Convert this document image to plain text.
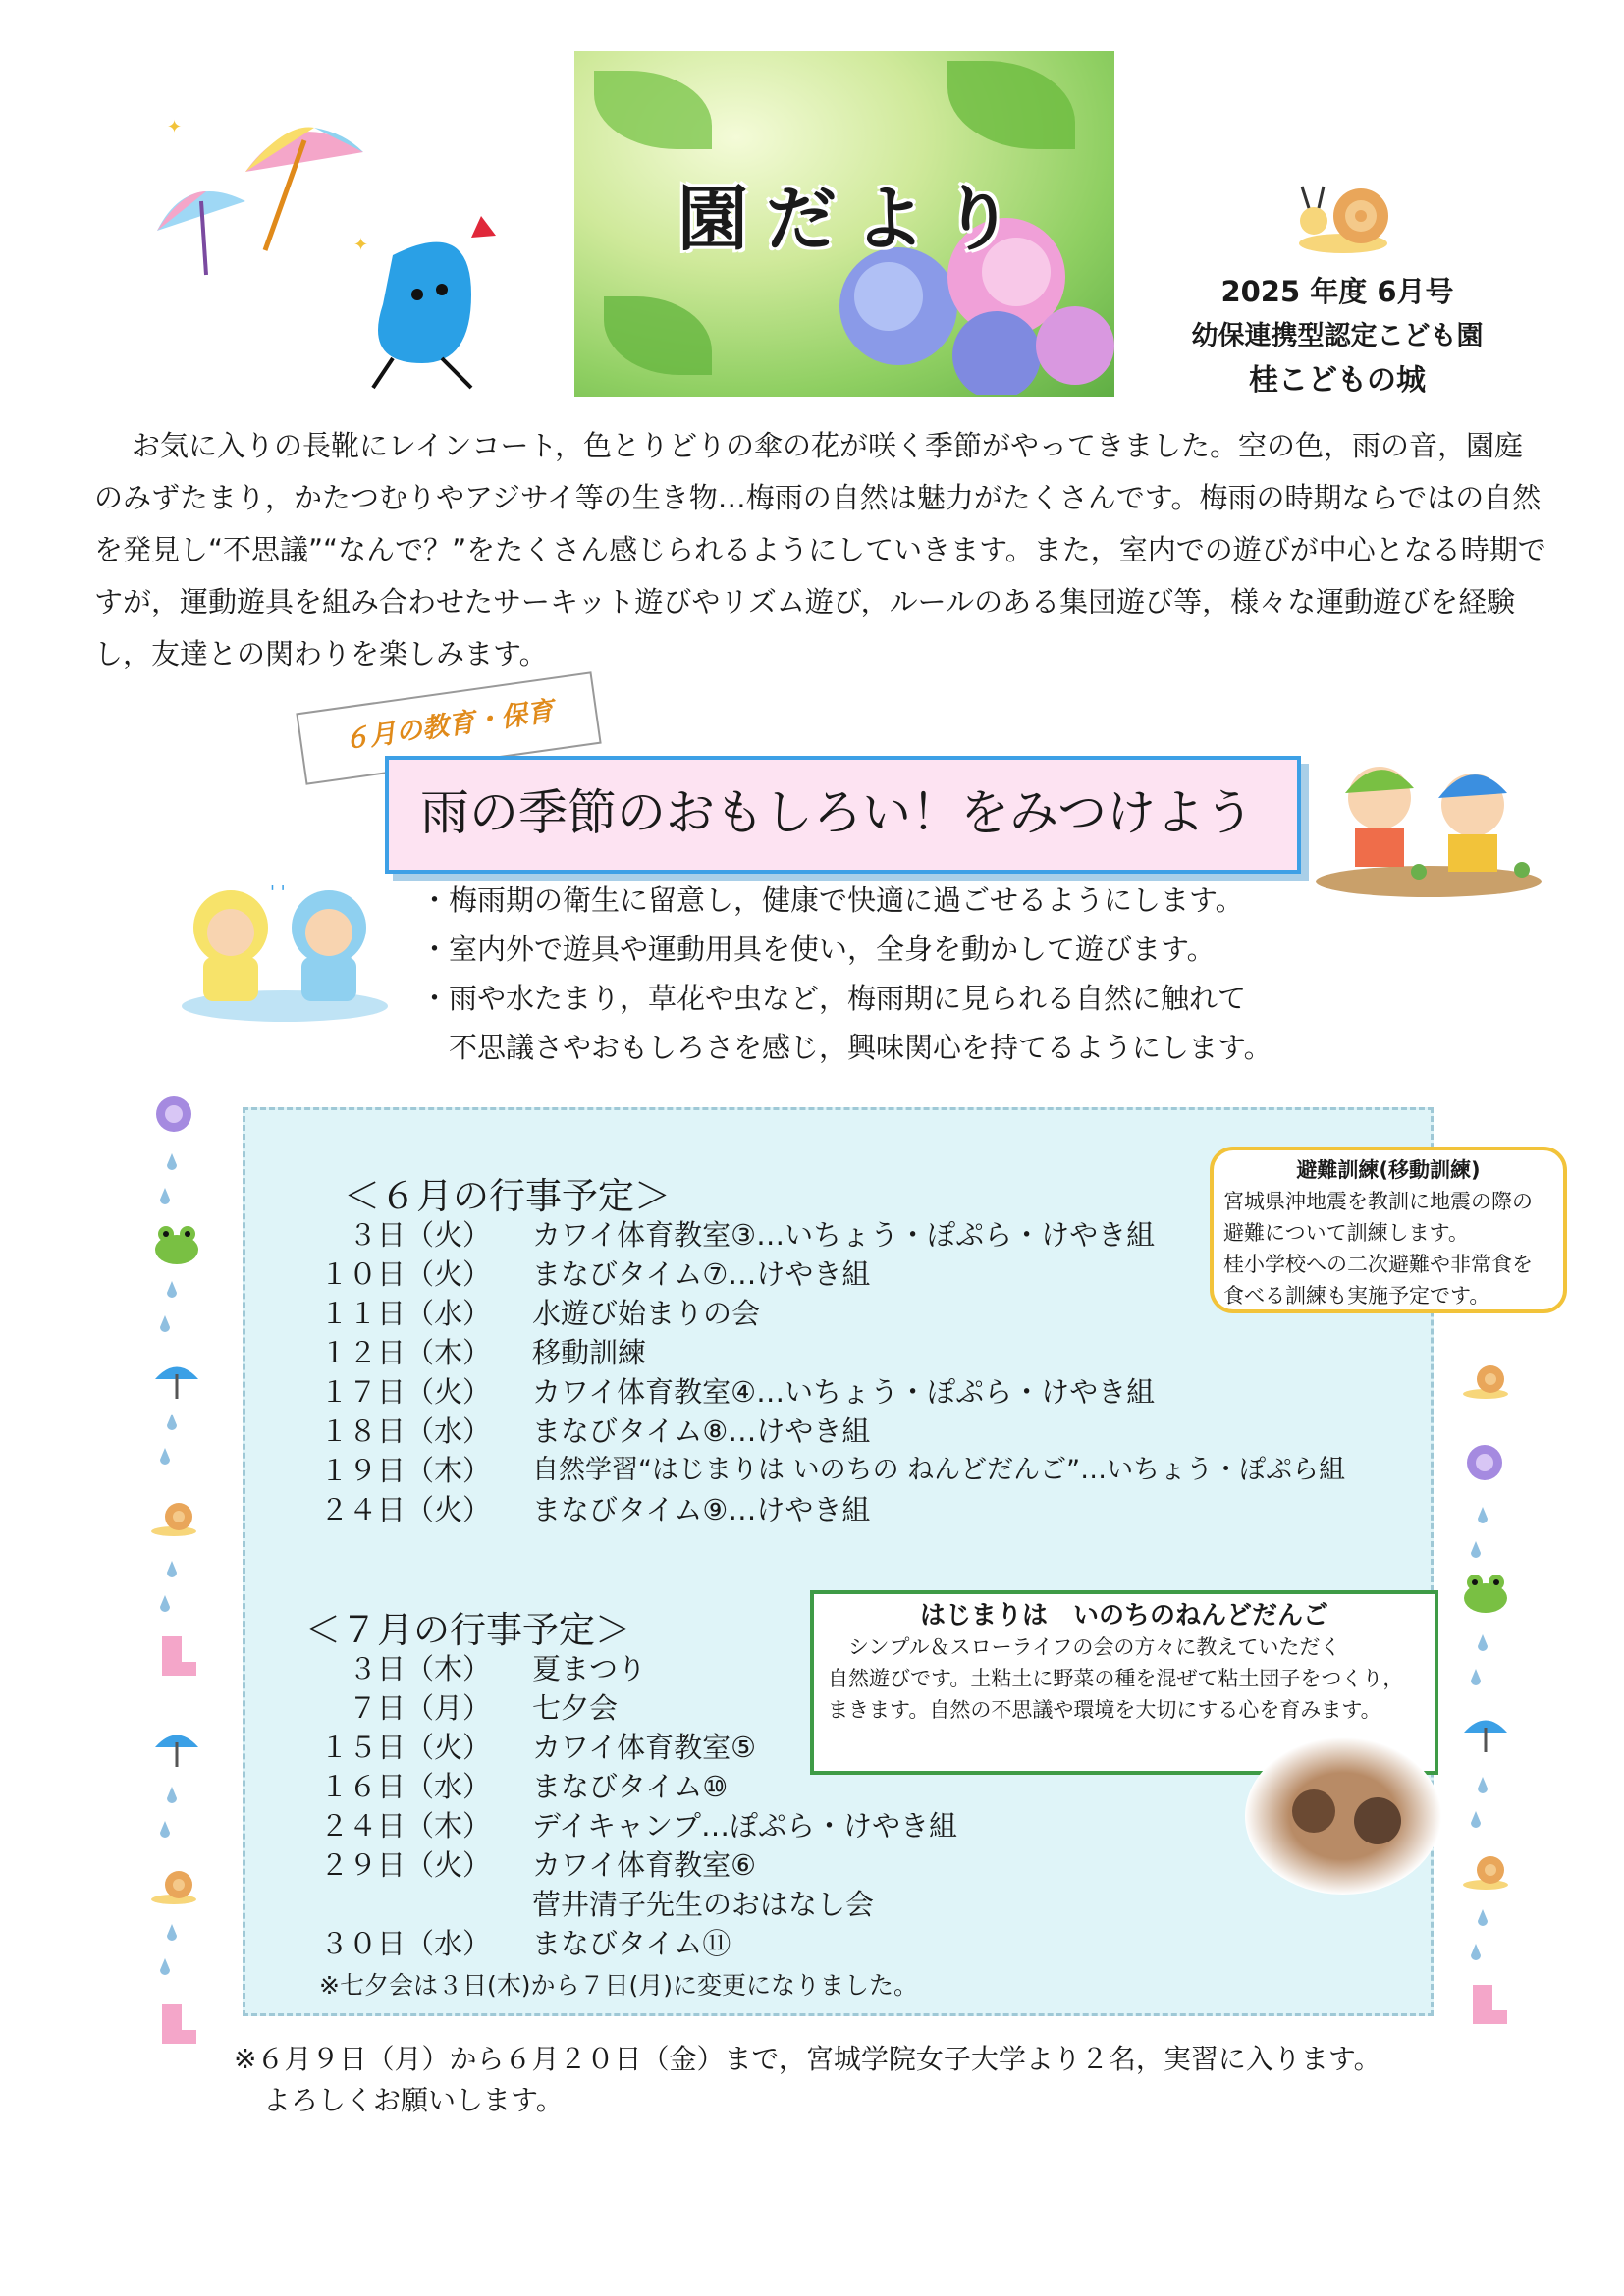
✦
✦	園だより
2025 年度 6月号
幼保連携型認定こども園
桂こどもの城
お気に入りの長靴にレインコート，色とりどりの傘の花が咲く季節がやってきました。空の色，雨の音，園庭のみずたまり，かたつむりやアジサイ等の生き物…梅雨の自然は魅力がたくさんです。梅雨の時期ならではの自然を発見し“不思議”“なんで？”をたくさん感じられるようにしていきます。また，室内での遊びが中心となる時期ですが，運動遊具を組み合わせたサーキット遊びやリズム遊び，ルールのある集団遊び等，様々な運動遊びを経験し，友達との関わりを楽しみます。
６月の教育・保育
雨の季節のおもしろい！をみつけよう
' '	・梅雨期の衛生に留意し，健康で快適に過ごせるようにします。
・室内外で遊具や運動用具を使い，全身を動かして遊びます。
・雨や水たまり，草花や虫など，梅雨期に見られる自然に触れて
　不思議さやおもしろさを感じ，興味関心を持てるようにします。
＜６月の行事予定＞
３日（火） カワイ体育教室③…いちょう・ぽぷら・けやき組
１０日（火） まなびタイム⑦…けやき組
１１日（水） 水遊び始まりの会
１２日（木） 移動訓練
１７日（火） カワイ体育教室④…いちょう・ぽぷら・けやき組
１８日（水） まなびタイム⑧…けやき組
１９日（木） 自然学習“はじまりは いのちの ねんどだんご”…いちょう・ぽぷら組
２４日（火） まなびタイム⑨…けやき組
避難訓練(移動訓練)
宮城県沖地震を教訓に地震の際の
避難について訓練します。
桂小学校への二次避難や非常食を
食べる訓練も実施予定です。
＜７月の行事予定＞
３日（木） 夏まつり
７日（月） 七夕会
１５日（火） カワイ体育教室⑤
１６日（水） まなびタイム⑩
２４日（木） デイキャンプ…ぽぷら・けやき組
２９日（火） カワイ体育教室⑥
菅井清子先生のおはなし会
３０日（水） まなびタイム⑪
※七夕会は３日(木)から７日(月)に変更になりました。
はじまりは　いのちのねんどだんご
　シンプル＆スローライフの会の方々に教えていただく
自然遊びです。土粘土に野菜の種を混ぜて粘土団子をつくり，
まきます。自然の不思議や環境を大切にする心を育みます。
※６月９日（月）から６月２０日（金）まで，宮城学院女子大学より２名，実習に入ります。
よろしくお願いします。
